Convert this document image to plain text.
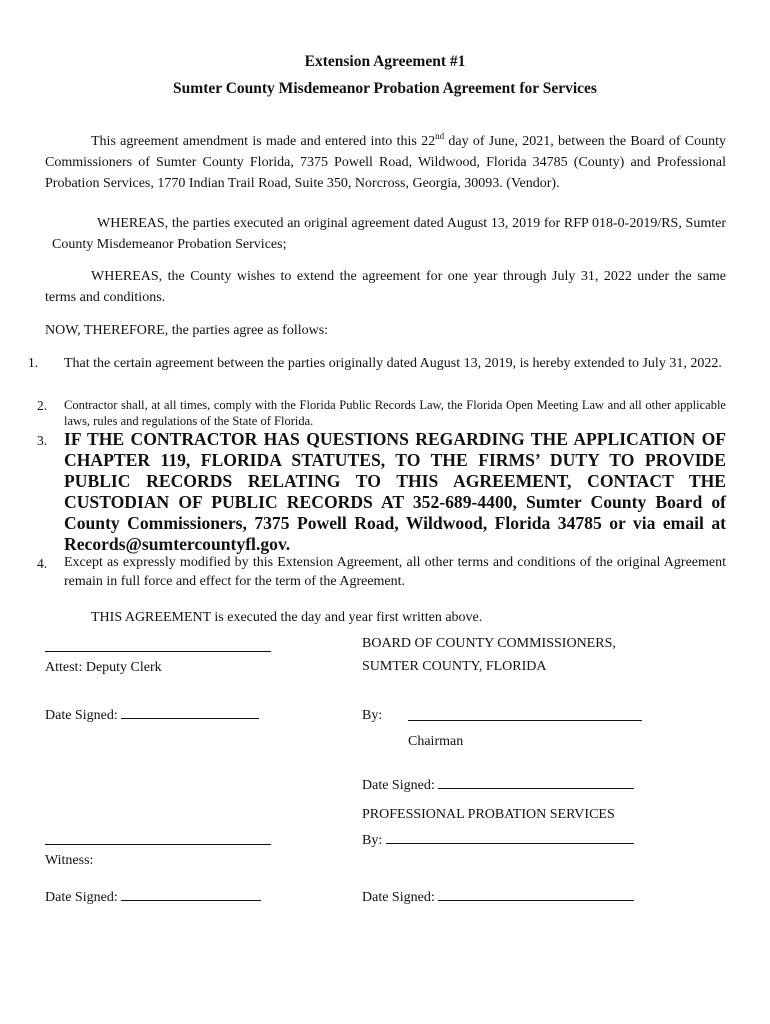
Extension Agreement #1
Sumter County Misdemeanor Probation Agreement for Services
This agreement amendment is made and entered into this 22nd day of June, 2021, between the Board of County Commissioners of Sumter County Florida, 7375 Powell Road, Wildwood, Florida 34785 (County) and Professional Probation Services, 1770 Indian Trail Road, Suite 350, Norcross, Georgia, 30093. (Vendor).
WHEREAS, the parties executed an original agreement dated August 13, 2019 for RFP 018-0-2019/RS, Sumter County Misdemeanor Probation Services;
WHEREAS, the County wishes to extend the agreement for one year through July 31, 2022 under the same terms and conditions.
NOW, THEREFORE, the parties agree as follows:
1. That the certain agreement between the parties originally dated August 13, 2019, is hereby extended to July 31, 2022.
2. Contractor shall, at all times, comply with the Florida Public Records Law, the Florida Open Meeting Law and all other applicable laws, rules and regulations of the State of Florida.
3. IF THE CONTRACTOR HAS QUESTIONS REGARDING THE APPLICATION OF CHAPTER 119, FLORIDA STATUTES, TO THE FIRMS’ DUTY TO PROVIDE PUBLIC RECORDS RELATING TO THIS AGREEMENT, CONTACT THE CUSTODIAN OF PUBLIC RECORDS AT 352-689-4400, Sumter County Board of County Commissioners, 7375 Powell Road, Wildwood, Florida 34785 or via email at Records@sumtercountyfl.gov.
4. Except as expressly modified by this Extension Agreement, all other terms and conditions of the original Agreement remain in full force and effect for the term of the Agreement.
THIS AGREEMENT is executed the day and year first written above.
Attest: Deputy Clerk
Date Signed:
Witness:
Date Signed:
BOARD OF COUNTY COMMISSIONERS,
SUMTER COUNTY, FLORIDA
By:
Chairman
Date Signed:
PROFESSIONAL PROBATION SERVICES
By:
Date Signed:
